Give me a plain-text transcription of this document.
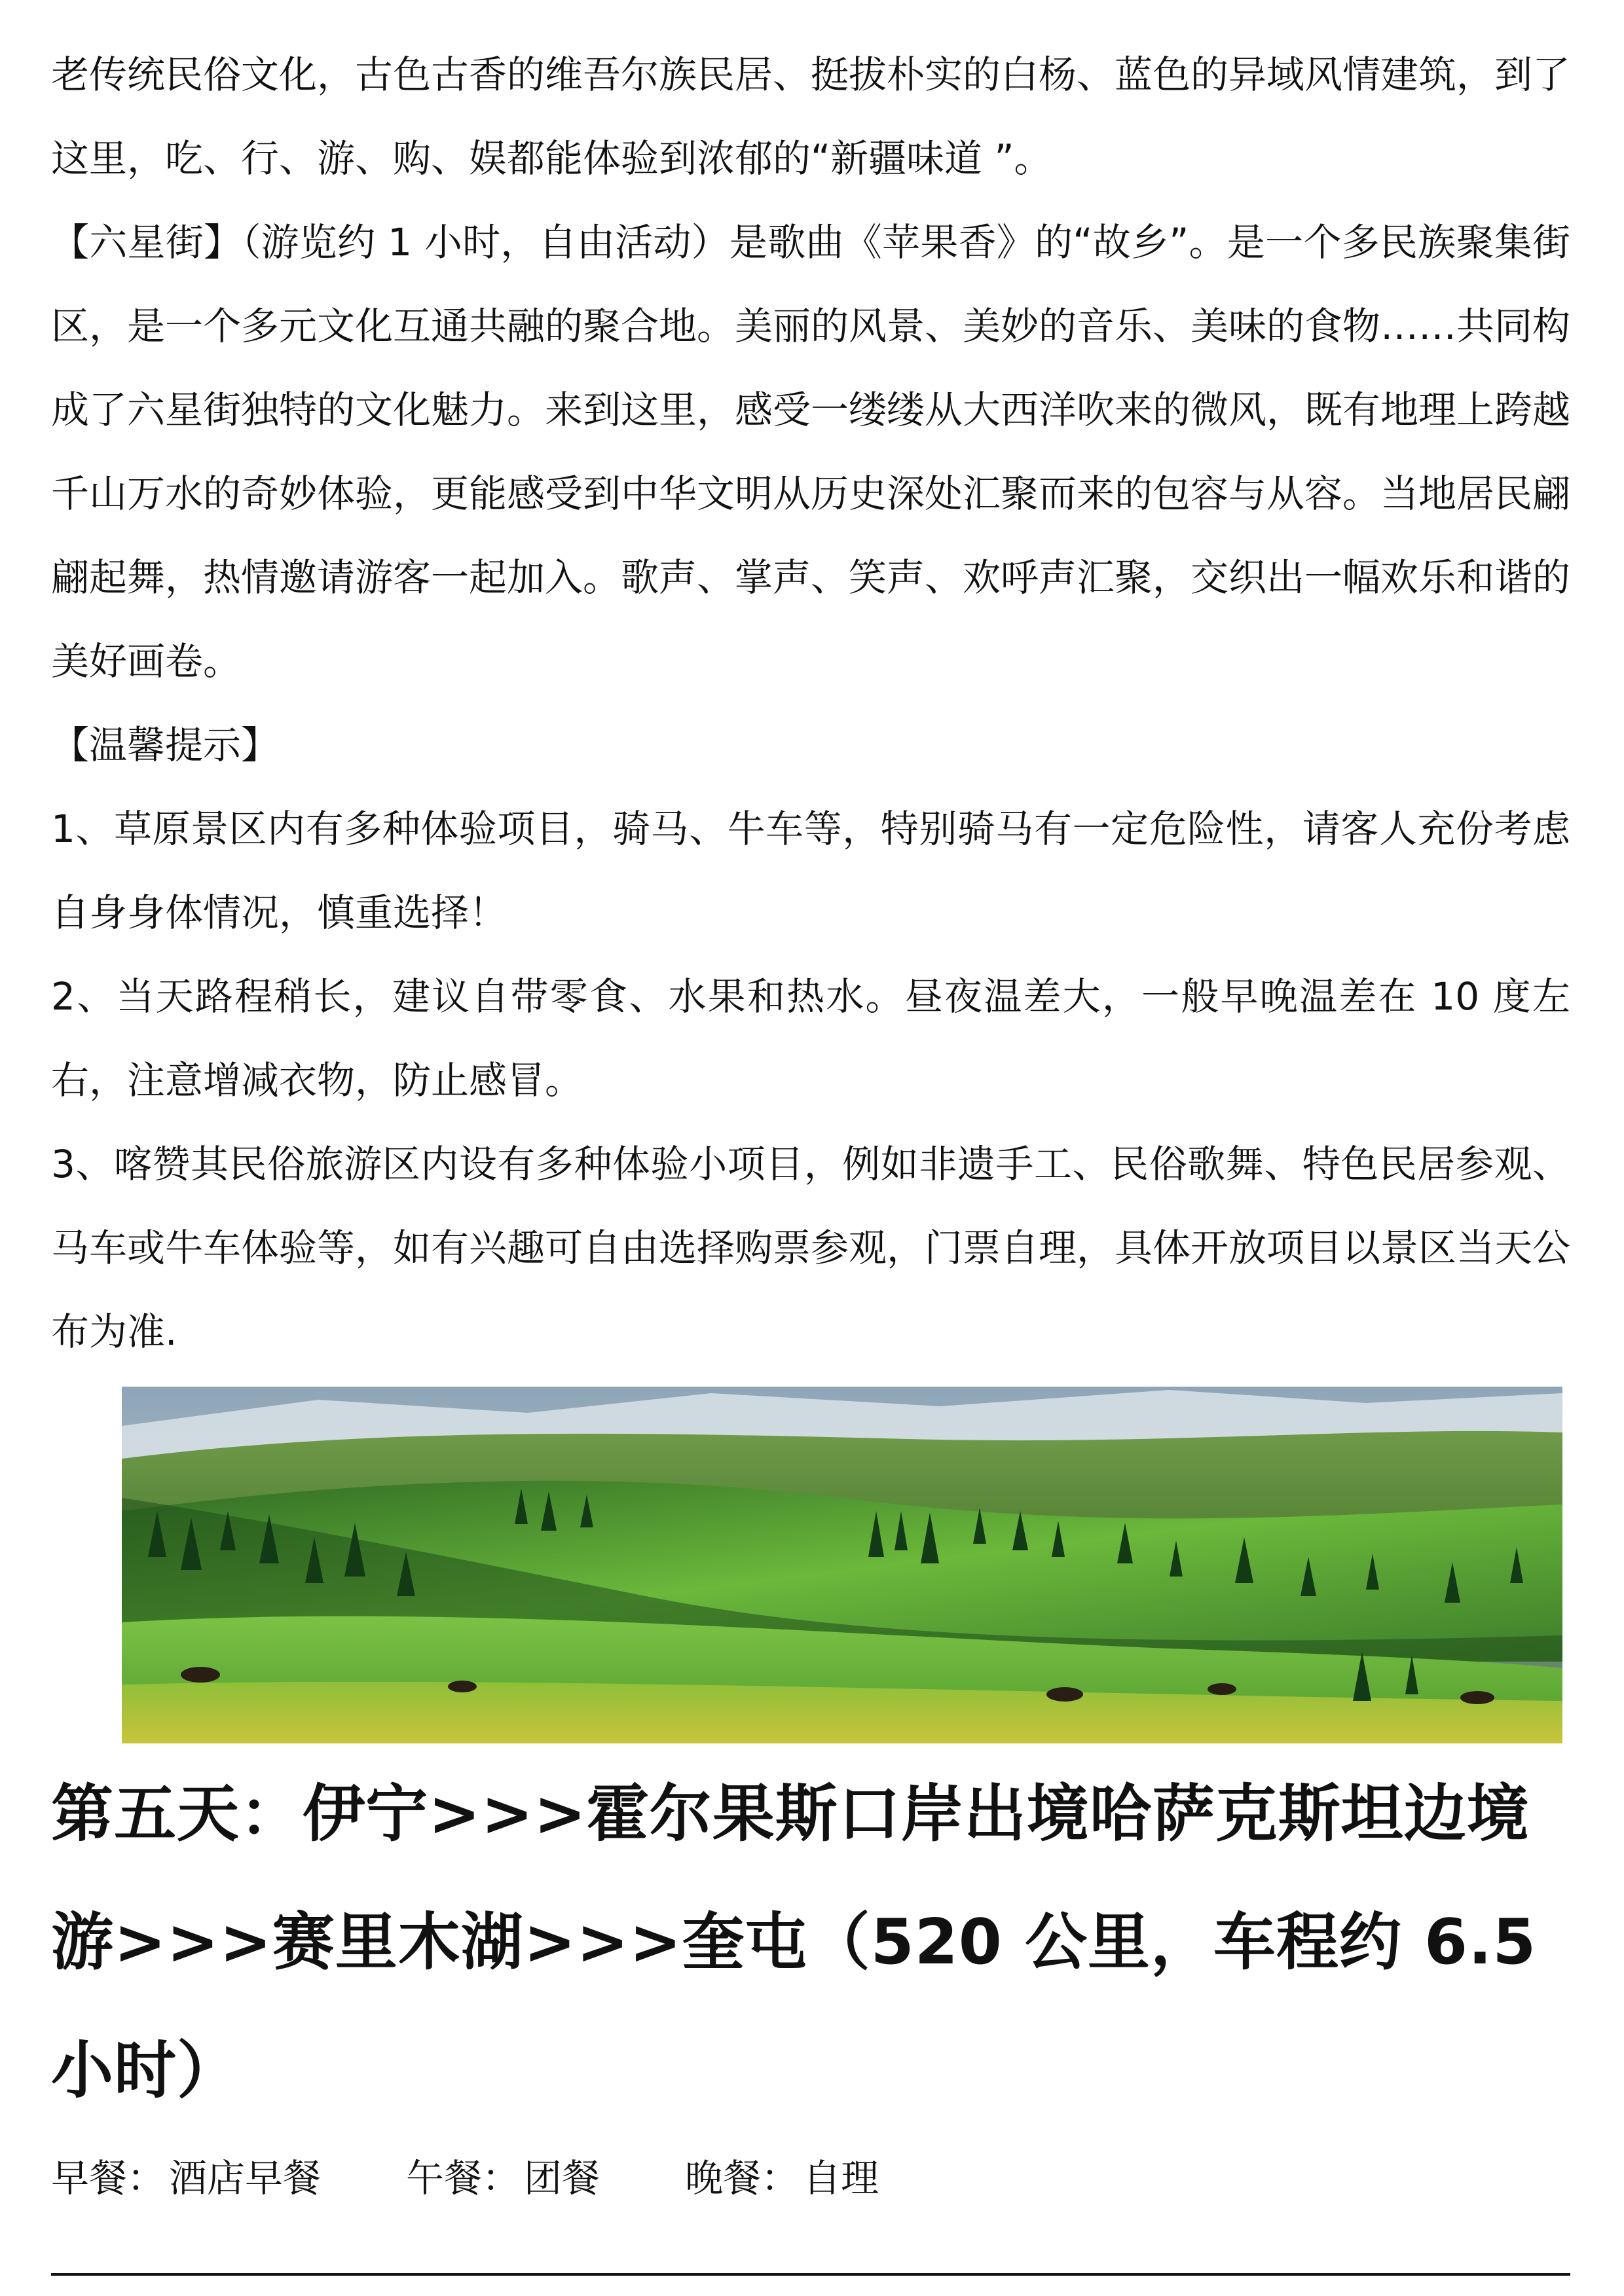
老传统民俗文化，古色古香的维吾尔族民居、挺拔朴实的白杨、蓝色的异域风情建筑，到了这里，吃、行、游、购、娱都能体验到浓郁的“新疆味道 ”。

【六星街】（游览约 1 小时，自由活动）是歌曲《苹果香》的“故乡”。是一个多民族聚集街区，是一个多元文化互通共融的聚合地。美丽的风景、美妙的音乐、美味的食物……共同构成了六星街独特的文化魅力。来到这里，感受一缕缕从大西洋吹来的微风，既有地理上跨越千山万水的奇妙体验，更能感受到中华文明从历史深处汇聚而来的包容与从容。当地居民翩翩起舞，热情邀请游客一起加入。歌声、掌声、笑声、欢呼声汇聚，交织出一幅欢乐和谐的美好画卷。

【温馨提示】

1、草原景区内有多种体验项目，骑马、牛车等，特别骑马有一定危险性，请客人充份考虑自身身体情况，慎重选择！

2、当天路程稍长，建议自带零食、水果和热水。昼夜温差大，一般早晚温差在 10 度左右，注意增减衣物，防止感冒。

3、喀赞其民俗旅游区内设有多种体验小项目，例如非遗手工、民俗歌舞、特色民居参观、马车或牛车体验等，如有兴趣可自由选择购票参观，门票自理，具体开放项目以景区当天公布为准.

第五天：伊宁>>>霍尔果斯口岸出境哈萨克斯坦边境游>>>赛里木湖>>>奎屯（520 公里，车程约 6.5 小时）
早餐： 酒店早餐 午餐： 团餐 晚餐： 自理
